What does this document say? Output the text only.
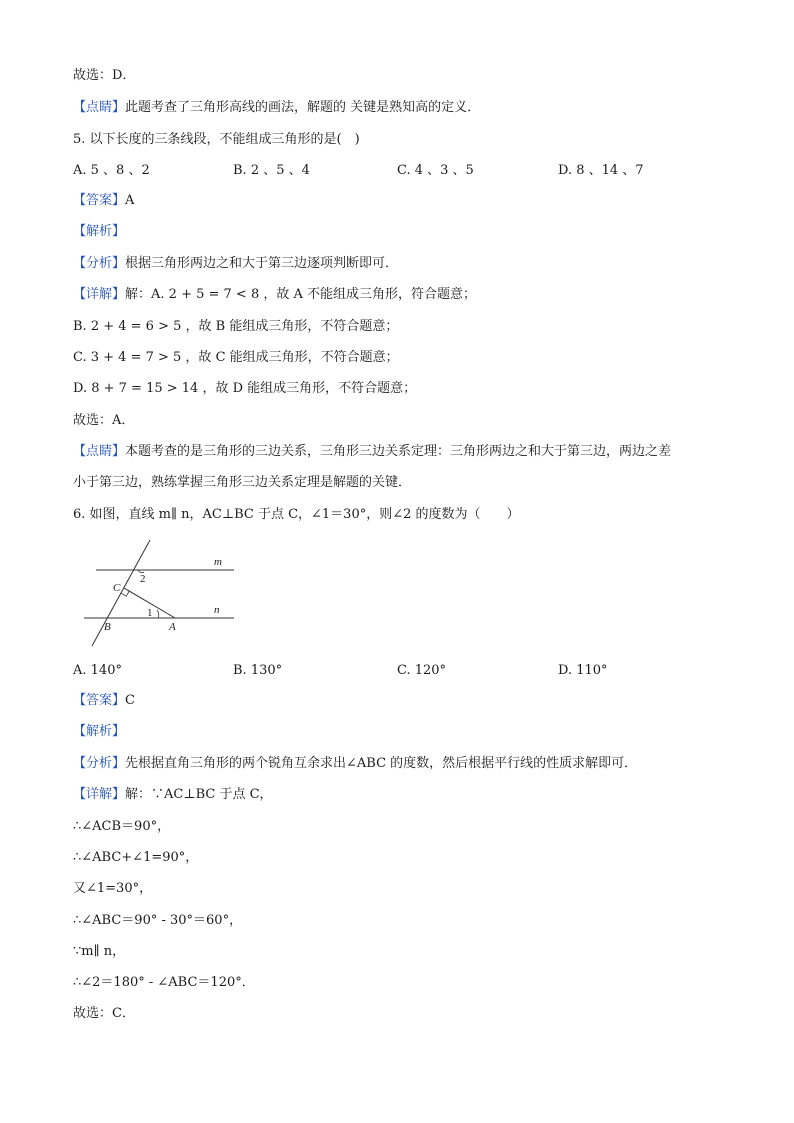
故选：D．
【点睛】此题考查了三角形高线的画法，解题的 关键是熟知高的定义．
5. 以下长度的三条线段，不能组成三角形的是(　)
A. 5 、8 、2	B. 2 、5 、4	C. 4 、3 、5	D. 8 、14 、7
【答案】A
【解析】
【分析】根据三角形两边之和大于第三边逐项判断即可．
【详解】解：A. 2 + 5 = 7 < 8 ，故 A 不能组成三角形，符合题意；
B. 2 + 4 = 6 > 5 ，故 B 能组成三角形，不符合题意；
C. 3 + 4 = 7 > 5 ，故 C 能组成三角形，不符合题意；
D. 8 + 7 = 15 > 14 ，故 D 能组成三角形，不符合题意；
故选：A．
【点睛】本题考查的是三角形的三边关系，三角形三边关系定理：三角形两边之和大于第三边，两边之差
小于第三边，熟练掌握三角形三边关系定理是解题的关键．
6. 如图，直线 m∥ n，AC⊥BC 于点 C，∠1＝30°，则∠2 的度数为（　　）
m
n
C
B	A
1
2
A. 140°	B. 130°	C. 120°	D. 110°
【答案】C
【解析】
【分析】先根据直角三角形的两个锐角互余求出∠ABC 的度数，然后根据平行线的性质求解即可．
【详解】解：∵AC⊥BC 于点 C，
∴∠ACB＝90°，
∴∠ABC+∠1=90°，
又∠1=30°，
∴∠ABC＝90° - 30°＝60°，
∵m∥ n，
∴∠2＝180° - ∠ABC＝120°．
故选：C．
